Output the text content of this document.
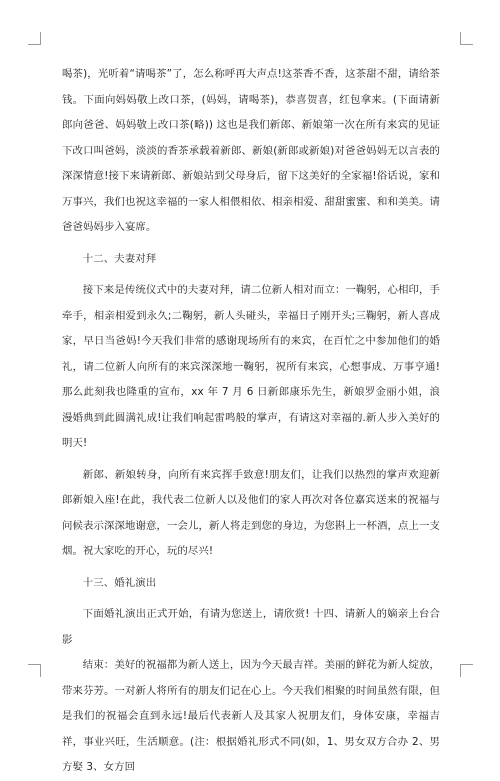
喝茶)，光听着“请喝茶”了，怎么称呼再大声点!这茶香不香，这茶甜不甜，请给茶钱。下面向妈妈敬上改口茶，(妈妈，请喝茶)，恭喜贺喜，红包拿来。(下面请新郎向爸爸、妈妈敬上改口茶(略)) 这也是我们新郎、新娘第一次在所有来宾的见证下改口叫爸妈，淡淡的香茶承载着新郎、新娘(新郎或新娘)对爸爸妈妈无以言表的深深情意!接下来请新郎、新娘站到父母身后，留下这美好的全家福!俗话说，家和万事兴，我们也祝这幸福的一家人相偎相依、相亲相爱、甜甜蜜蜜、和和美美。请爸爸妈妈步入宴席。

十二、夫妻对拜

接下来是传统仪式中的夫妻对拜，请二位新人相对而立：一鞠躬，心相印，手牵手，相亲相爱到永久;二鞠躬，新人头碰头，幸福日子刚开头;三鞠躬，新人喜成家，早日当爸妈!今天我们非常的感谢现场所有的来宾，在百忙之中参加他们的婚礼，请二位新人向所有的来宾深深地一鞠躬，祝所有来宾，心想事成、万事亨通!那么此刻我也隆重的宣布，xx 年 7 月 6 日新郎康乐先生，新娘罗金丽小姐，浪漫婚典到此圆满礼成!让我们响起雷鸣般的掌声，有请这对幸福的.新人步入美好的明天!

新郎、新娘转身，向所有来宾挥手致意!朋友们，让我们以热烈的掌声欢迎新郎新娘入座!在此，我代表二位新人以及他们的家人再次对各位嘉宾送来的祝福与问候表示深深地谢意，一会儿，新人将走到您的身边，为您斟上一杯酒，点上一支烟。祝大家吃的开心，玩的尽兴!

十三、婚礼演出

下面婚礼演出正式开始，有请为您送上，请欣赏! 十四、请新人的嫡亲上台合影

结束：美好的祝福都为新人送上，因为今天最吉祥。美丽的鲜花为新人绽放，带来芬芳。一对新人将所有的朋友们记在心上。今天我们相聚的时间虽然有限，但是我们的祝福会直到永远!最后代表新人及其家人祝朋友们，身体安康，幸福吉祥，事业兴旺，生活顺意。(注：根据婚礼形式不同(如，1、男女双方合办 2、男方娶 3、女方回
